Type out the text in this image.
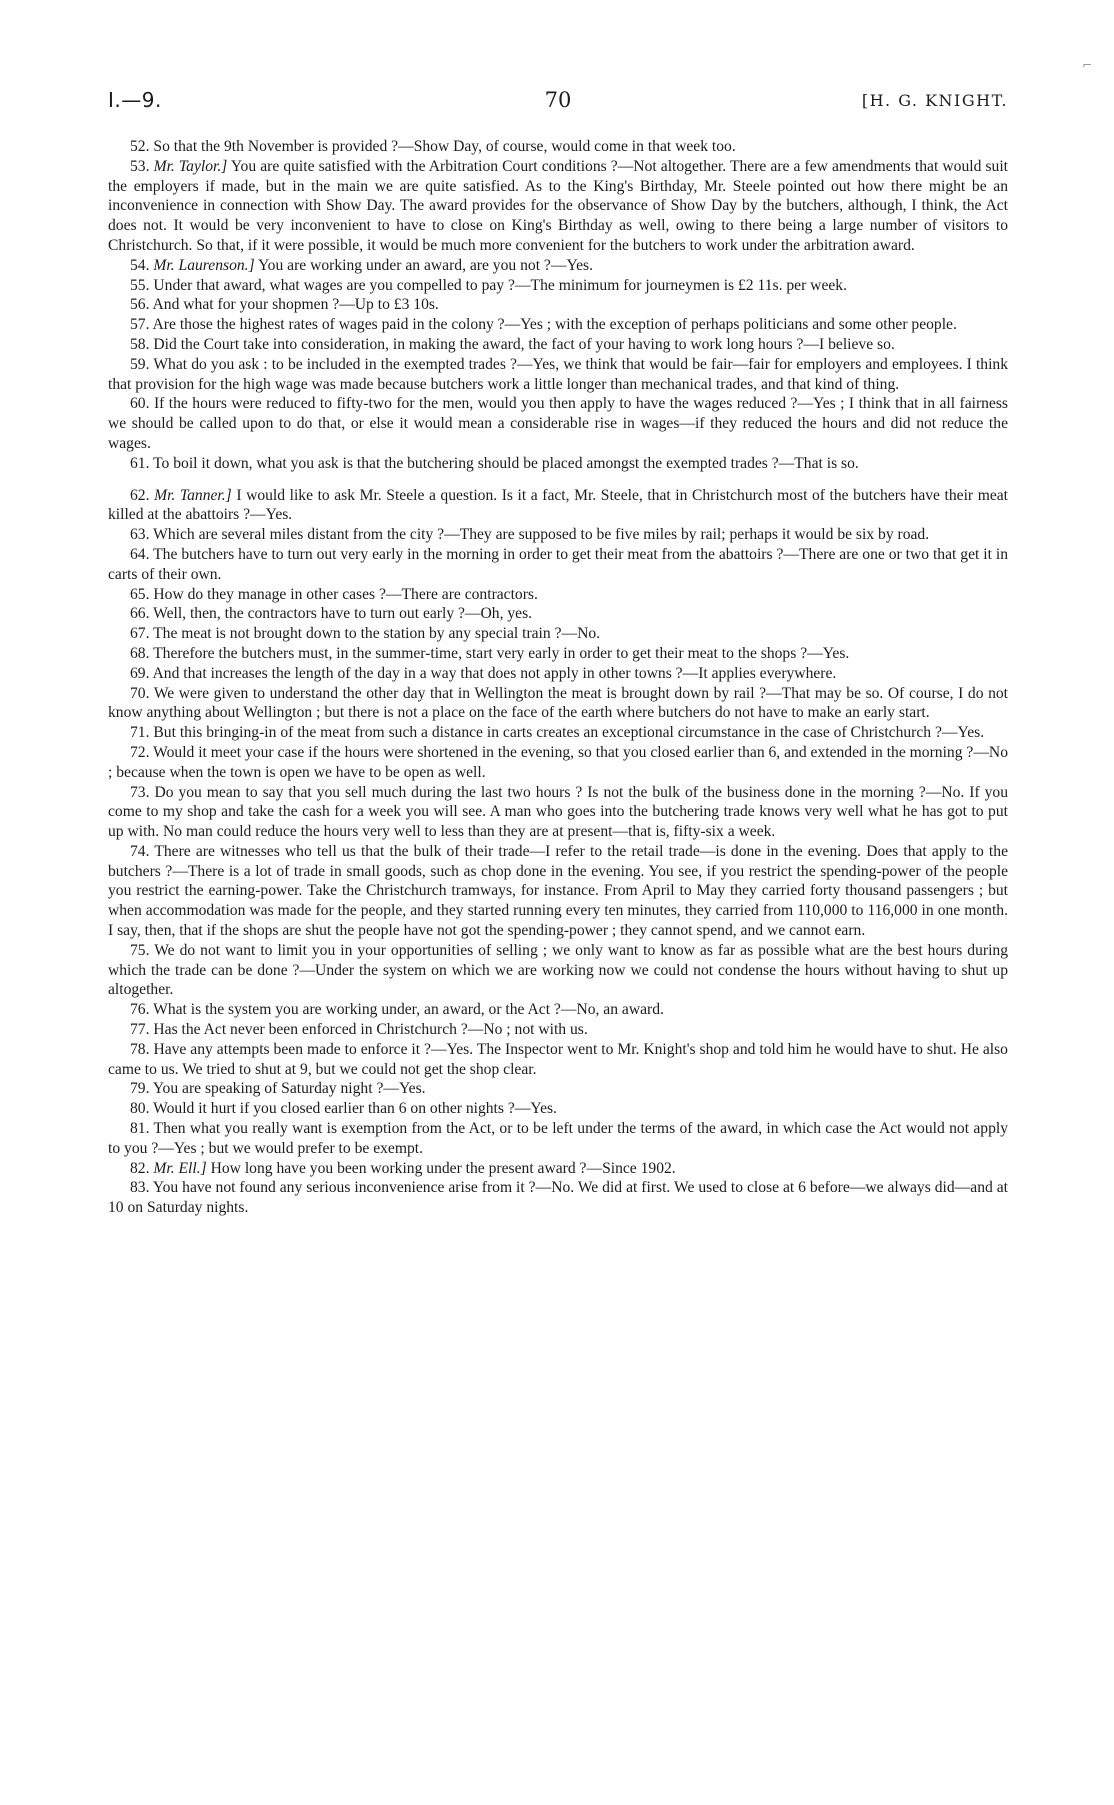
I.—9.	70	[H. G. KNIGHT.

52. So that the 9th November is provided ?—Show Day, of course, would come in that week too.

53. Mr. Taylor.] You are quite satisfied with the Arbitration Court conditions ?—Not altogether. There are a few amendments that would suit the employers if made, but in the main we are quite satisfied. As to the King's Birthday, Mr. Steele pointed out how there might be an inconvenience in connection with Show Day. The award provides for the observance of Show Day by the butchers, although, I think, the Act does not. It would be very inconvenient to have to close on King's Birthday as well, owing to there being a large number of visitors to Christchurch. So that, if it were possible, it would be much more convenient for the butchers to work under the arbitration award.

54. Mr. Laurenson.] You are working under an award, are you not ?—Yes.

55. Under that award, what wages are you compelled to pay ?—The minimum for journeymen is £2 11s. per week.

56. And what for your shopmen ?—Up to £3 10s.

57. Are those the highest rates of wages paid in the colony ?—Yes ; with the exception of perhaps politicians and some other people.

58. Did the Court take into consideration, in making the award, the fact of your having to work long hours ?—I believe so.

59. What do you ask : to be included in the exempted trades ?—Yes, we think that would be fair—fair for employers and employees. I think that provision for the high wage was made because butchers work a little longer than mechanical trades, and that kind of thing.

60. If the hours were reduced to fifty-two for the men, would you then apply to have the wages reduced ?—Yes ; I think that in all fairness we should be called upon to do that, or else it would mean a considerable rise in wages—if they reduced the hours and did not reduce the wages.

61. To boil it down, what you ask is that the butchering should be placed amongst the exempted trades ?—That is so.

62. Mr. Tanner.] I would like to ask Mr. Steele a question. Is it a fact, Mr. Steele, that in Christchurch most of the butchers have their meat killed at the abattoirs ?—Yes.

63. Which are several miles distant from the city ?—They are supposed to be five miles by rail; perhaps it would be six by road.

64. The butchers have to turn out very early in the morning in order to get their meat from the abattoirs ?—There are one or two that get it in carts of their own.

65. How do they manage in other cases ?—There are contractors.

66. Well, then, the contractors have to turn out early ?—Oh, yes.

67. The meat is not brought down to the station by any special train ?—No.

68. Therefore the butchers must, in the summer-time, start very early in order to get their meat to the shops ?—Yes.

69. And that increases the length of the day in a way that does not apply in other towns ?—It applies everywhere.

70. We were given to understand the other day that in Wellington the meat is brought down by rail ?—That may be so. Of course, I do not know anything about Wellington ; but there is not a place on the face of the earth where butchers do not have to make an early start.

71. But this bringing-in of the meat from such a distance in carts creates an exceptional circumstance in the case of Christchurch ?—Yes.

72. Would it meet your case if the hours were shortened in the evening, so that you closed earlier than 6, and extended in the morning ?—No ; because when the town is open we have to be open as well.

73. Do you mean to say that you sell much during the last two hours ? Is not the bulk of the business done in the morning ?—No. If you come to my shop and take the cash for a week you will see. A man who goes into the butchering trade knows very well what he has got to put up with. No man could reduce the hours very well to less than they are at present—that is, fifty-six a week.

74. There are witnesses who tell us that the bulk of their trade—I refer to the retail trade—is done in the evening. Does that apply to the butchers ?—There is a lot of trade in small goods, such as chop done in the evening. You see, if you restrict the spending-power of the people you restrict the earning-power. Take the Christchurch tramways, for instance. From April to May they carried forty thousand passengers ; but when accommodation was made for the people, and they started running every ten minutes, they carried from 110,000 to 116,000 in one month. I say, then, that if the shops are shut the people have not got the spending-power ; they cannot spend, and we cannot earn.

75. We do not want to limit you in your opportunities of selling ; we only want to know as far as possible what are the best hours during which the trade can be done ?—Under the system on which we are working now we could not condense the hours without having to shut up altogether.

76. What is the system you are working under, an award, or the Act ?—No, an award.

77. Has the Act never been enforced in Christchurch ?—No ; not with us.

78. Have any attempts been made to enforce it ?—Yes. The Inspector went to Mr. Knight's shop and told him he would have to shut. He also came to us. We tried to shut at 9, but we could not get the shop clear.

79. You are speaking of Saturday night ?—Yes.

80. Would it hurt if you closed earlier than 6 on other nights ?—Yes.

81. Then what you really want is exemption from the Act, or to be left under the terms of the award, in which case the Act would not apply to you ?—Yes ; but we would prefer to be exempt.

82. Mr. Ell.] How long have you been working under the present award ?—Since 1902.

83. You have not found any serious inconvenience arise from it ?—No. We did at first. We used to close at 6 before—we always did—and at 10 on Saturday nights.

⌐
